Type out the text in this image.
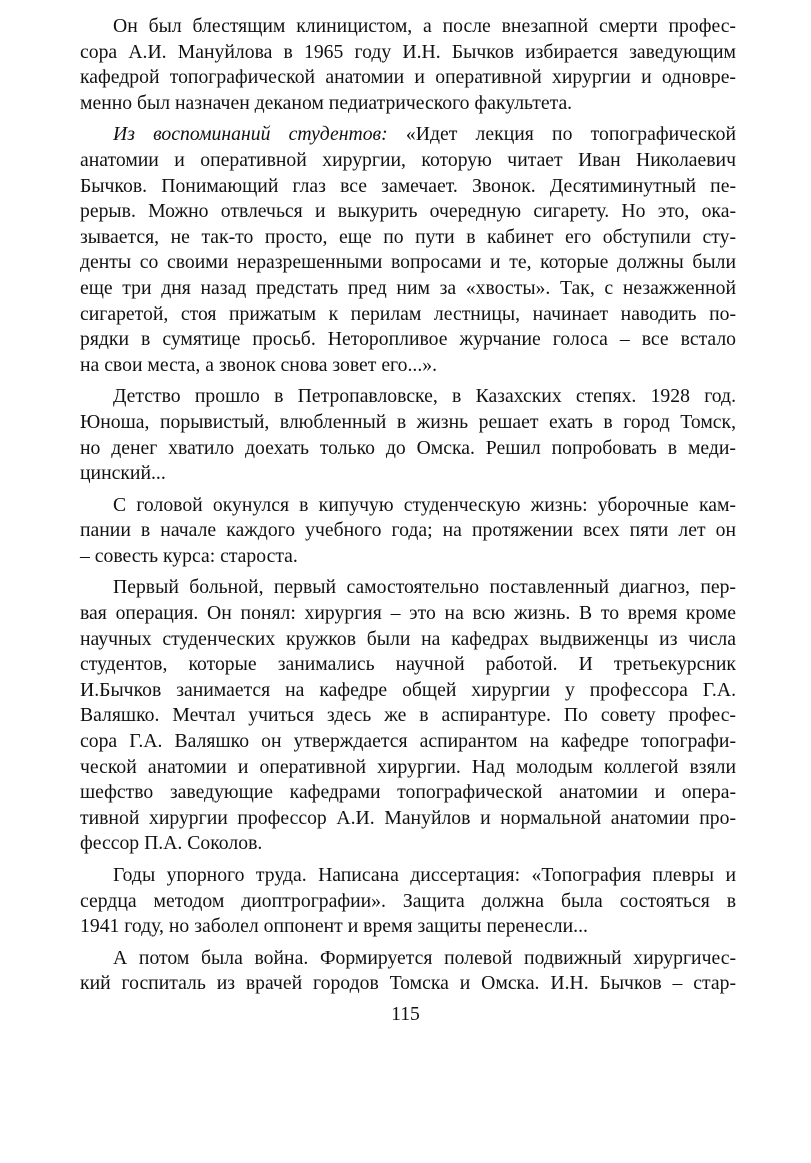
Он был блестящим клиницистом, а после внезапной смерти профес-
сора А.И. Мануйлова в 1965 году И.Н. Бычков избирается заведующим
кафедрой топографической анатомии и оперативной хирургии и одновре-
менно был назначен деканом педиатрического факультета.
Из воспоминаний студентов: «Идет лекция по топографической
анатомии и оперативной хирургии, которую читает Иван Николаевич
Бычков. Понимающий глаз все замечает. Звонок. Десятиминутный пе-
рерыв. Можно отвлечься и выкурить очередную сигарету. Но это, ока-
зывается, не так-то просто, еще по пути в кабинет его обступили сту-
денты со своими неразрешенными вопросами и те, которые должны были
еще три дня назад предстать пред ним за «хвосты». Так, с незажженной
сигаретой, стоя прижатым к перилам лестницы, начинает наводить по-
рядки в сумятице просьб. Неторопливое журчание голоса – все встало
на свои места, а звонок снова зовет его...».
Детство прошло в Петропавловске, в Казахских степях. 1928 год.
Юноша, порывистый, влюбленный в жизнь решает ехать в город Томск,
но денег хватило доехать только до Омска. Решил попробовать в меди-
цинский...
С головой окунулся в кипучую студенческую жизнь: уборочные кам-
пании в начале каждого учебного года; на протяжении всех пяти лет он
– совесть курса: староста.
Первый больной, первый самостоятельно поставленный диагноз, пер-
вая операция. Он понял: хирургия – это на всю жизнь. В то время кроме
научных студенческих кружков были на кафедрах выдвиженцы из числа
студентов, которые занимались научной работой. И третьекурсник
И.Бычков занимается на кафедре общей хирургии у профессора Г.А.
Валяшко. Мечтал учиться здесь же в аспирантуре. По совету профес-
сора Г.А. Валяшко он утверждается аспирантом на кафедре топографи-
ческой анатомии и оперативной хирургии. Над молодым коллегой взяли
шефство заведующие кафедрами топографической анатомии и опера-
тивной хирургии профессор А.И. Мануйлов и нормальной анатомии про-
фессор П.А. Соколов.
Годы упорного труда. Написана диссертация: «Топография плевры и
сердца методом диоптрографии». Защита должна была состояться в
1941 году, но заболел оппонент и время защиты перенесли...
А потом была война. Формируется полевой подвижный хирургичес-
кий госпиталь из врачей городов Томска и Омска. И.Н. Бычков – стар-
115
